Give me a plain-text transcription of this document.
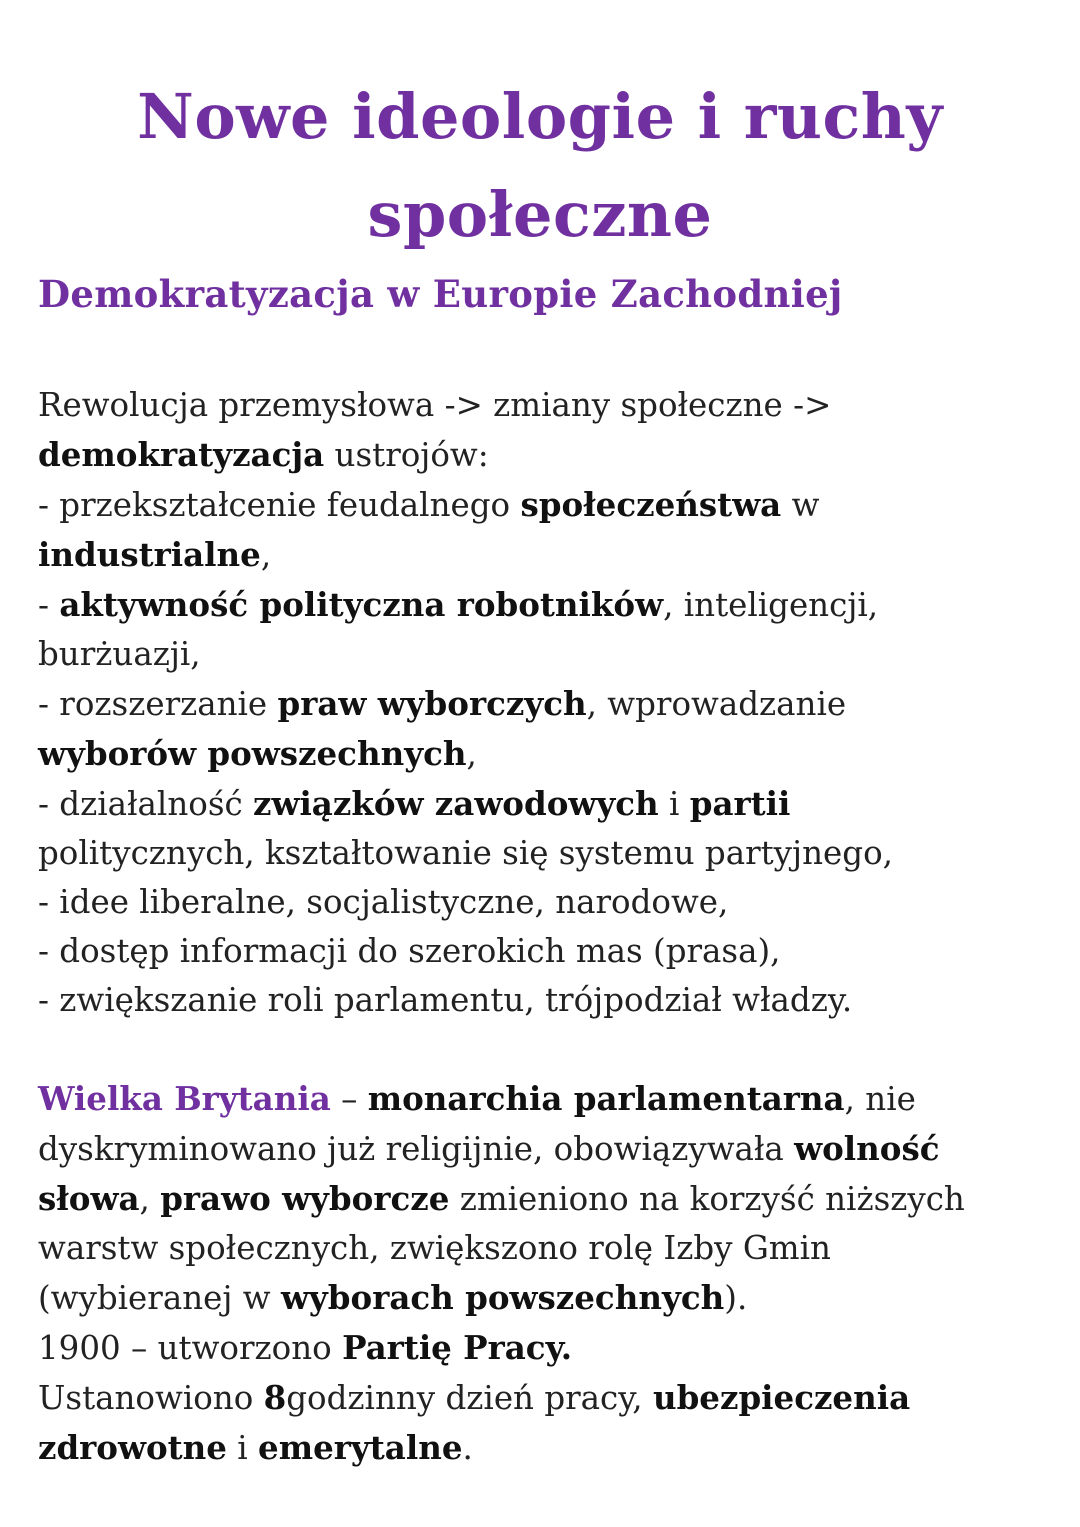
Nowe ideologie i ruchy
społeczne
Demokratyzacja w Europie Zachodniej

Rewolucja przemysłowa -> zmiany społeczne ->
demokratyzacja ustrojów:
- przekształcenie feudalnego społeczeństwa w
industrialne,
- aktywność polityczna robotników, inteligencji,
burżuazji,
- rozszerzanie praw wyborczych, wprowadzanie
wyborów powszechnych,
- działalność związków zawodowych i partii
politycznych, kształtowanie się systemu partyjnego,
- idee liberalne, socjalistyczne, narodowe,
- dostęp informacji do szerokich mas (prasa),
- zwiększanie roli parlamentu, trójpodział władzy.

Wielka Brytania – monarchia parlamentarna, nie
dyskryminowano już religijnie, obowiązywała wolność
słowa, prawo wyborcze zmieniono na korzyść niższych
warstw społecznych, zwiększono rolę Izby Gmin
(wybieranej w wyborach powszechnych).
1900 – utworzono Partię Pracy.
Ustanowiono 8godzinny dzień pracy, ubezpieczenia
zdrowotne i emerytalne.
